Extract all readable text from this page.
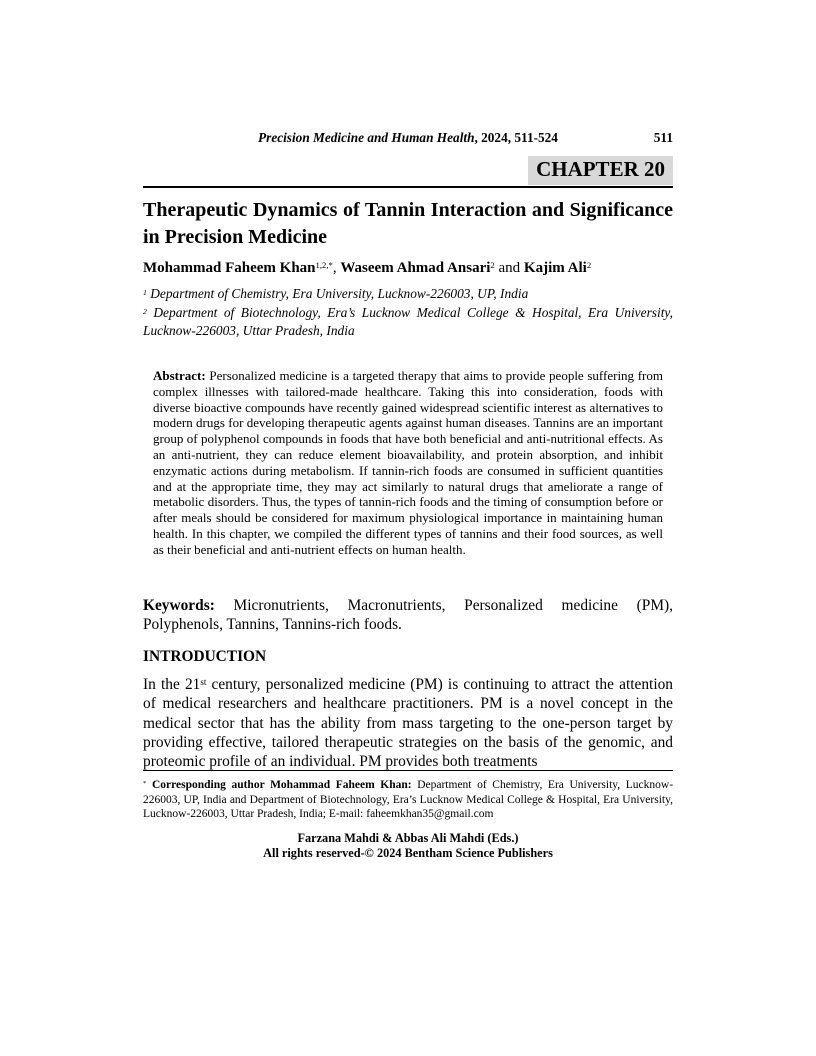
Precision Medicine and Human Health, 2024, 511-524	511
CHAPTER 20
Therapeutic Dynamics of Tannin Interaction and Significance in Precision Medicine

Mohammad Faheem Khan$^{1,2,*}$, Waseem Ahmad Ansari$^2$ and Kajim Ali$^2$

$^1$ Department of Chemistry, Era University, Lucknow-226003, UP, India

$^2$ Department of Biotechnology, Era’s Lucknow Medical College & Hospital, Era University, Lucknow-226003, Uttar Pradesh, India

Abstract: Personalized medicine is a targeted therapy that aims to provide people suffering from complex illnesses with tailored-made healthcare. Taking this into consideration, foods with diverse bioactive compounds have recently gained widespread scientific interest as alternatives to modern drugs for developing therapeutic agents against human diseases. Tannins are an important group of polyphenol compounds in foods that have both beneficial and anti-nutritional effects. As an anti-nutrient, they can reduce element bioavailability, and protein absorption, and inhibit enzymatic actions during metabolism. If tannin-rich foods are consumed in sufficient quantities and at the appropriate time, they may act similarly to natural drugs that ameliorate a range of metabolic disorders. Thus, the types of tannin-rich foods and the timing of consumption before or after meals should be considered for maximum physiological importance in maintaining human health. In this chapter, we compiled the different types of tannins and their food sources, as well as their beneficial and anti-nutrient effects on human health.

Keywords: Micronutrients, Macronutrients, Personalized medicine (PM), Polyphenols, Tannins, Tannins-rich foods.

INTRODUCTION

In the 21st century, personalized medicine (PM) is continuing to attract the attention of medical researchers and healthcare practitioners. PM is a novel concept in the medical sector that has the ability from mass targeting to the one-person target by providing effective, tailored therapeutic strategies on the basis of the genomic, and proteomic profile of an individual. PM provides both treatments

* Corresponding author Mohammad Faheem Khan: Department of Chemistry, Era University, Lucknow-226003, UP, India and Department of Biotechnology, Era’s Lucknow Medical College & Hospital, Era University, Lucknow-226003, Uttar Pradesh, India; E-mail: faheemkhan35@gmail.com

Farzana Mahdi & Abbas Ali Mahdi (Eds.)
All rights reserved-© 2024 Bentham Science Publishers
